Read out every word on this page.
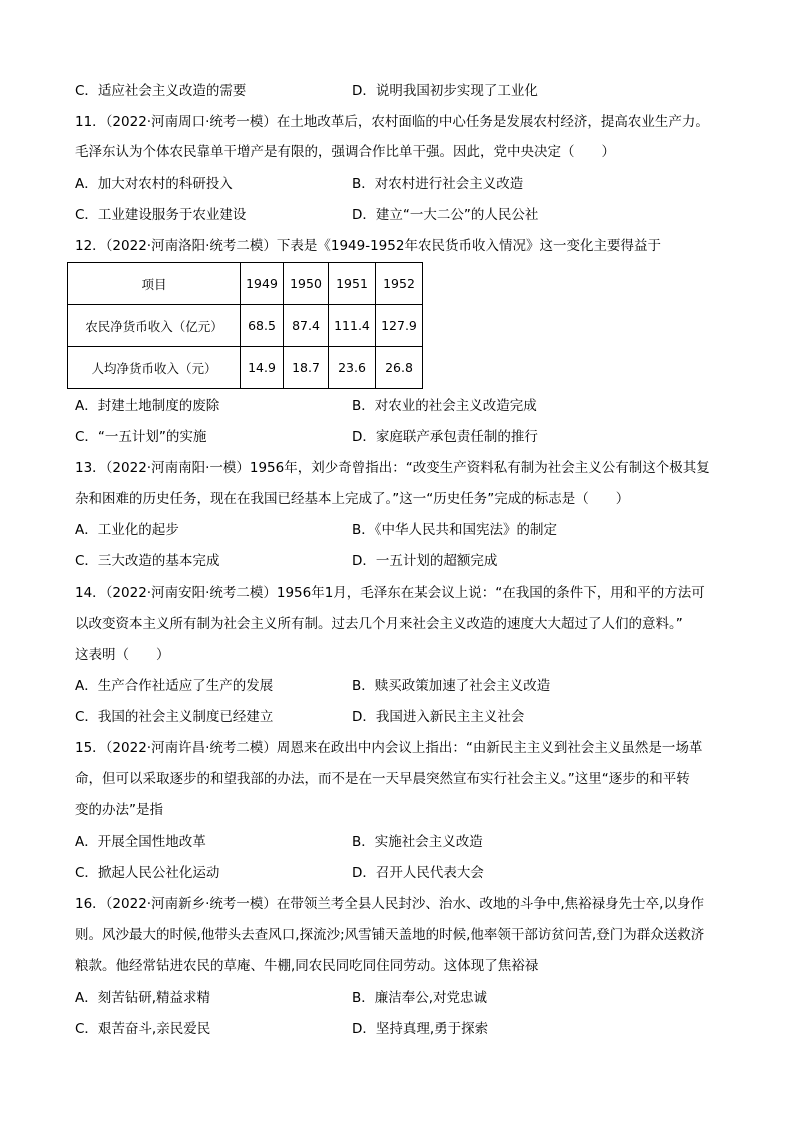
C．适应社会主义改造的需要	D．说明我国初步实现了工业化
11．（2022·河南周口·统考一模）在土地改革后，农村面临的中心任务是发展农村经济，提高农业生产力。
毛泽东认为个体农民靠单干增产是有限的，强调合作比单干强。因此，党中央决定（　　）
A．加大对农村的科研投入	B．对农村进行社会主义改造
C．工业建设服务于农业建设	D．建立“一大二公”的人民公社
12．（2022·河南洛阳·统考二模）下表是《1949-1952年农民货币收入情况》这一变化主要得益于
项目	1949	1950	1951	1952
农民净货币收入（亿元）	68.5	87.4	111.4	127.9
人均净货币收入（元）	14.9	18.7	23.6	26.8
A．封建土地制度的废除	B．对农业的社会主义改造完成
C．“一五计划”的实施	D．家庭联产承包责任制的推行
13．（2022·河南南阳·一模）1956年，刘少奇曾指出：“改变生产资料私有制为社会主义公有制这个极其复
杂和困难的历史任务，现在在我国已经基本上完成了。”这一“历史任务”完成的标志是（　　）
A．工业化的起步	B．《中华人民共和国宪法》的制定
C．三大改造的基本完成	D．一五计划的超额完成
14．（2022·河南安阳·统考二模）1956年1月，毛泽东在某会议上说：“在我国的条件下，用和平的方法可
以改变资本主义所有制为社会主义所有制。过去几个月来社会主义改造的速度大大超过了人们的意料。”
这表明（　　）
A．生产合作社适应了生产的发展	B．赎买政策加速了社会主义改造
C．我国的社会主义制度已经建立	D．我国进入新民主主义社会
15．（2022·河南许昌·统考二模）周恩来在政出中内会议上指出：“由新民主主义到社会主义虽然是一场革
命，但可以采取逐步的和望我部的办法，而不是在一天早晨突然宣布实行社会主义。”这里“逐步的和平转
变的办法”是指
A．开展全国性地改革	B．实施社会主义改造
C．掀起人民公社化运动	D．召开人民代表大会
16．（2022·河南新乡·统考一模）在带领兰考全县人民封沙、治水、改地的斗争中,焦裕禄身先士卒,以身作
则。风沙最大的时候,他带头去查风口,探流沙;风雪铺天盖地的时候,他率领干部访贫问苦,登门为群众送救济
粮款。他经常钻进农民的草庵、牛棚,同农民同吃同住同劳动。这体现了焦裕禄
A．刻苦钻研,精益求精	B．廉洁奉公,对党忠诚
C．艰苦奋斗,亲民爱民	D．坚持真理,勇于探索
